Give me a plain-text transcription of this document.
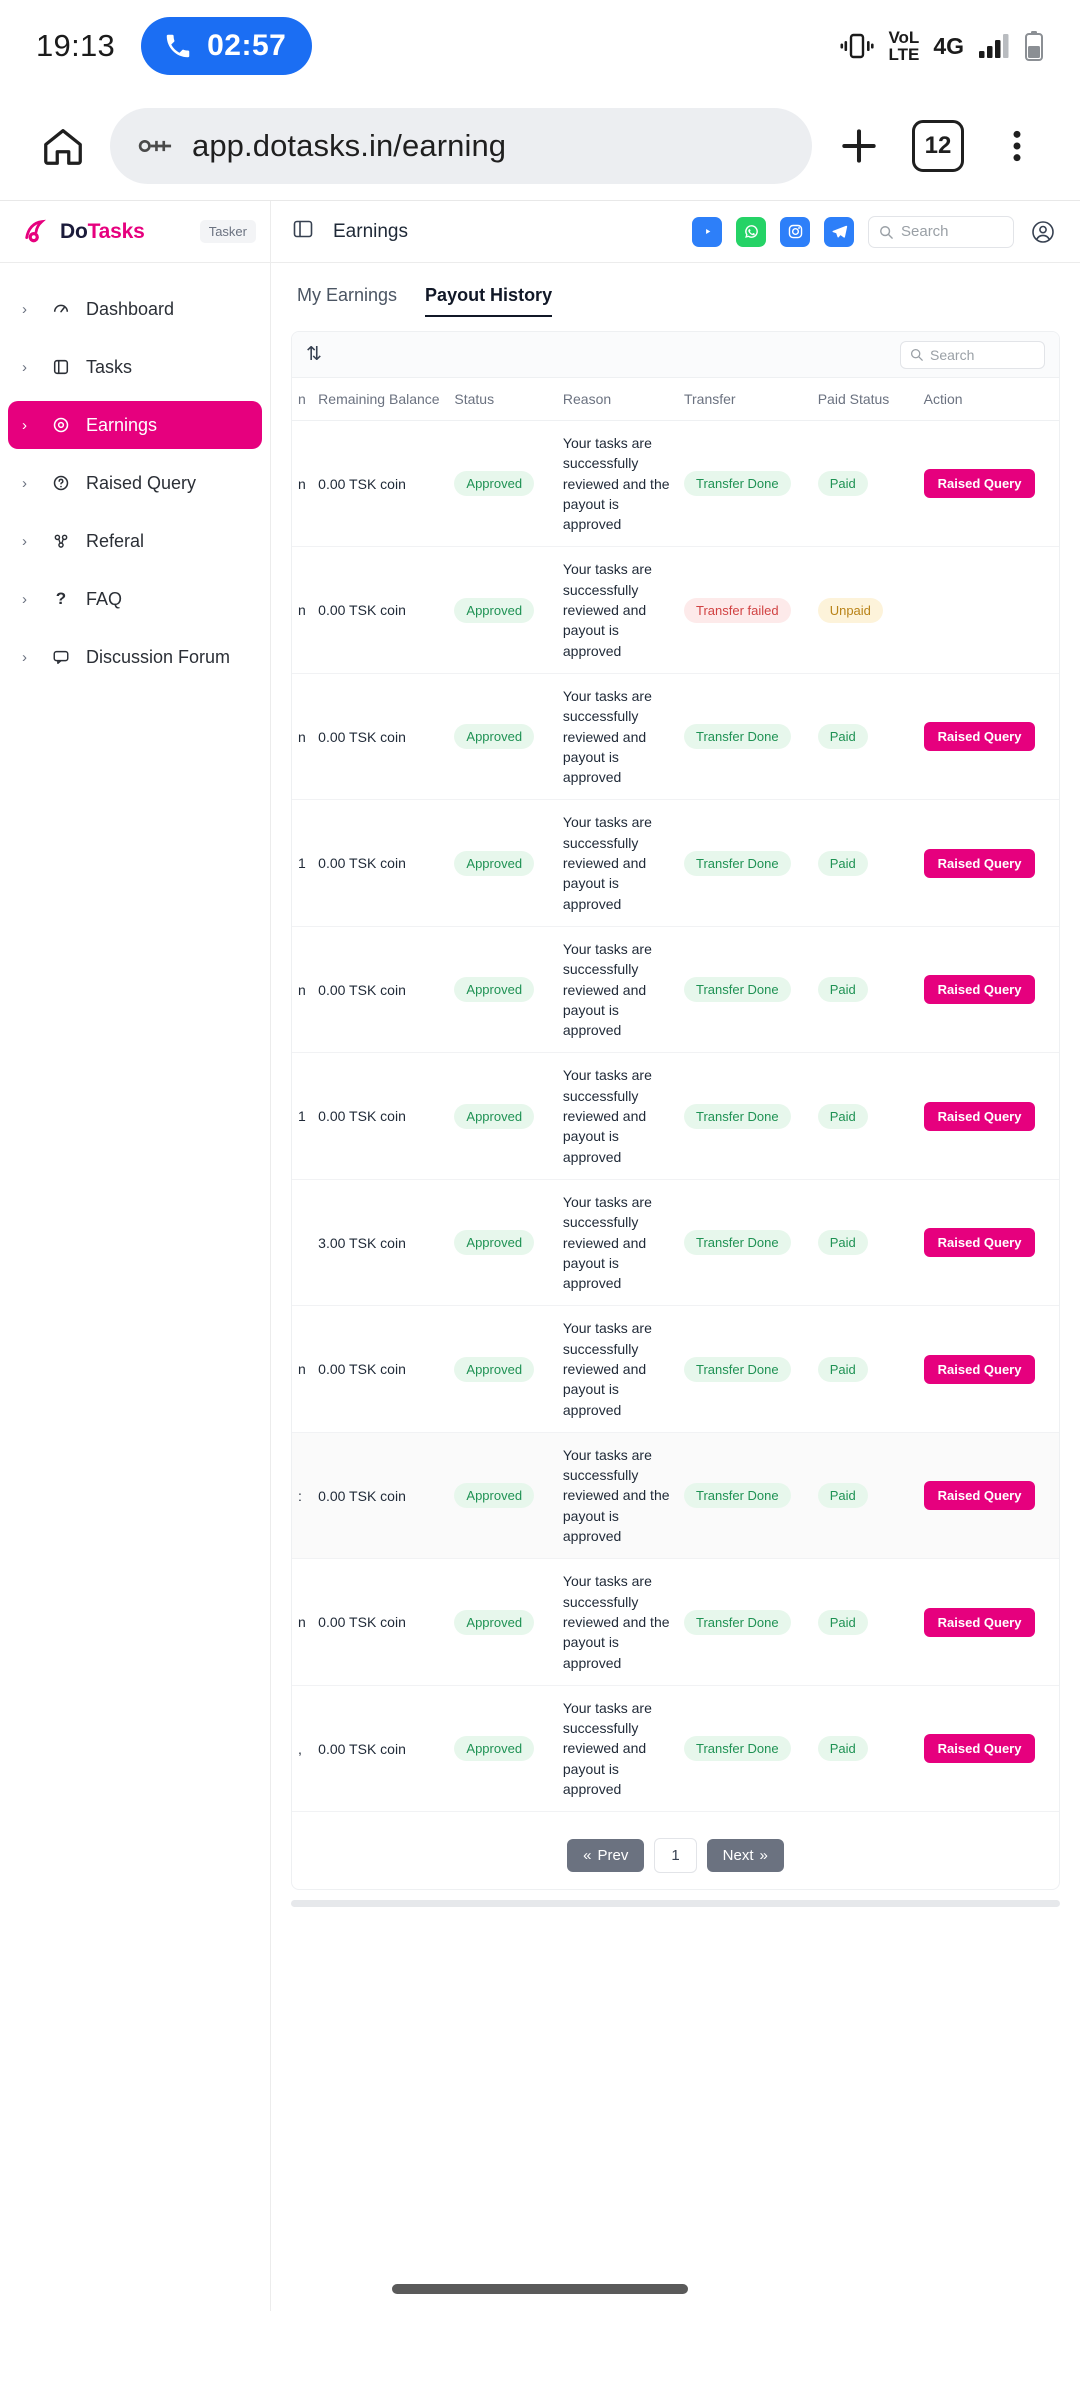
19:13	02:57	VoL
LTE 4G
app.dotasks.in/earning	12
DoTasks	Tasker	Earnings	Search
›	Dashboard
›	Tasks
›	Earnings
›	Raised Query
›	Referal
›	?	FAQ
›	Discussion Forum
My Earnings Payout History
⇅	Search
n	Remaining Balance	Status	Reason	Transfer	Paid Status	Action
n	0.00 TSK coin	Approved	Your tasks are successfully reviewed and the payout is approved	Transfer Done	Paid	Raised Query
n	0.00 TSK coin	Approved	Your tasks are successfully reviewed and payout is approved	Transfer failed	Unpaid	
n	0.00 TSK coin	Approved	Your tasks are successfully reviewed and payout is approved	Transfer Done	Paid	Raised Query
1	0.00 TSK coin	Approved	Your tasks are successfully reviewed and payout is approved	Transfer Done	Paid	Raised Query
n	0.00 TSK coin	Approved	Your tasks are successfully reviewed and payout is approved	Transfer Done	Paid	Raised Query
1	0.00 TSK coin	Approved	Your tasks are successfully reviewed and payout is approved	Transfer Done	Paid	Raised Query
	3.00 TSK coin	Approved	Your tasks are successfully reviewed and payout is approved	Transfer Done	Paid	Raised Query
n	0.00 TSK coin	Approved	Your tasks are successfully reviewed and payout is approved	Transfer Done	Paid	Raised Query
:	0.00 TSK coin	Approved	Your tasks are successfully reviewed and the payout is approved	Transfer Done	Paid	Raised Query
n	0.00 TSK coin	Approved	Your tasks are successfully reviewed and the payout is approved	Transfer Done	Paid	Raised Query
,	0.00 TSK coin	Approved	Your tasks are successfully reviewed and payout is approved	Transfer Done	Paid	Raised Query
« Prev	1	Next »
